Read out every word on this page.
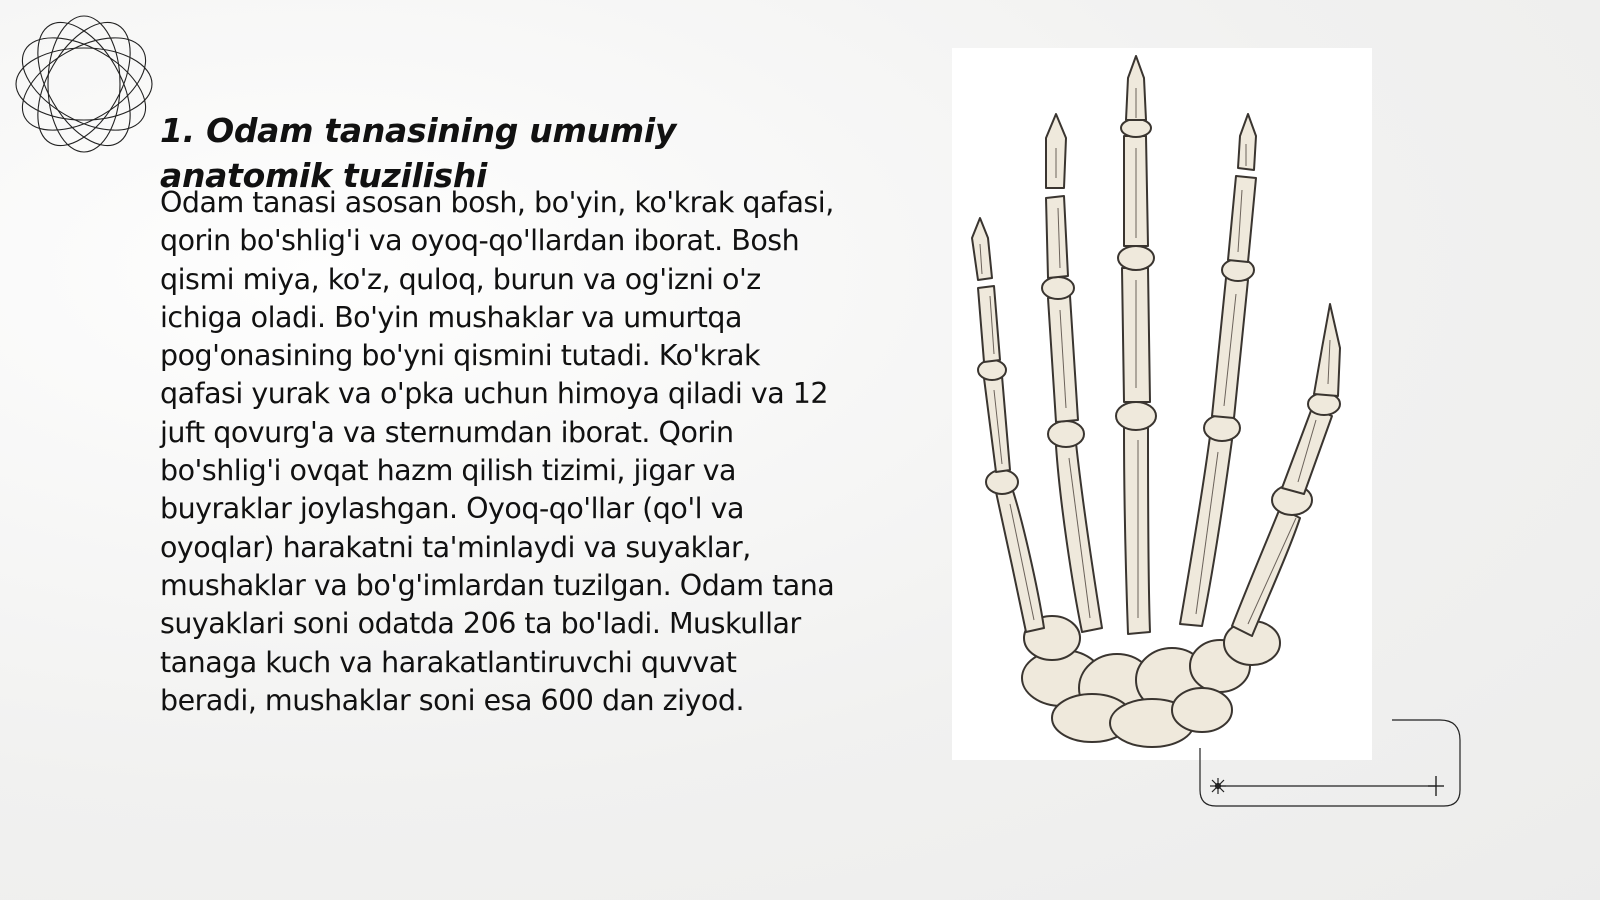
1. Odam tanasining umumiy anatomik tuzilishi

Odam tanasi asosan bosh, bo'yin, ko'krak qafasi, qorin bo'shlig'i va oyoq-qo'llardan iborat. Bosh qismi miya, ko'z, quloq, burun va og'izni o'z ichiga oladi. Bo'yin mushaklar va umurtqa pog'onasining bo'yni qismini tutadi. Ko'krak qafasi yurak va o'pka uchun himoya qiladi va 12 juft qovurg'a va sternumdan iborat. Qorin bo'shlig'i ovqat hazm qilish tizimi, jigar va buyraklar joylashgan. Oyoq-qo'llar (qo'l va oyoqlar) harakatni ta'minlaydi va suyaklar, mushaklar va bo'g'imlardan tuzilgan. Odam tana suyaklari soni odatda 206 ta bo'ladi. Muskullar tanaga kuch va harakatlantiruvchi quvvat beradi, mushaklar soni esa 600 dan ziyod.
